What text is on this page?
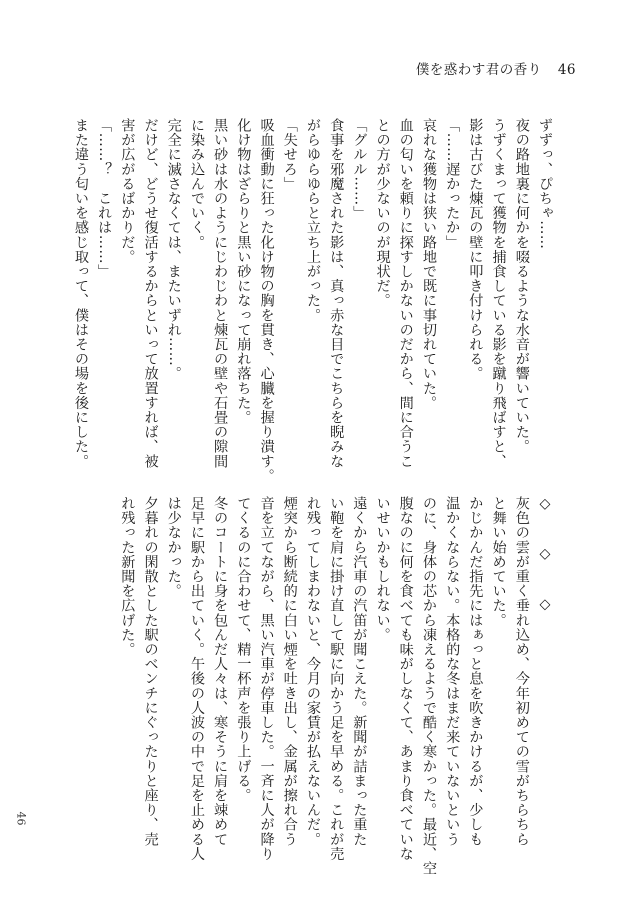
僕を惑わす君の香り 46
ずずっ、ぴちゃ……
夜の路地裏に何かを啜るような水音が響いていた。
うずくまって獲物を捕食している影を蹴り飛ばすと、
影は古びた煉瓦の壁に叩き付けられる。
「……遅かったか」
哀れな獲物は狭い路地で既に事切れていた。
血の匂いを頼りに探すしかないのだから、間に合うこ
との方が少ないのが現状だ。
「グルル……」
食事を邪魔された影は、真っ赤な目でこちらを睨みな
がらゆらゆらと立ち上がった。
「失せろ」
吸血衝動に狂った化け物の胸を貫き、心臓を握り潰す。
化け物はざらりと黒い砂になって崩れ落ちた。
黒い砂は水のようにじわじわと煉瓦の壁や石畳の隙間
に染み込んでいく。
完全に滅さなくては、またいずれ……。
だけど、どうせ復活するからといって放置すれば、被
害が広がるばかりだ。
「……？　これは……」
また違う匂いを感じ取って、僕はその場を後にした。
◇　◇　◇
灰色の雲が重く垂れ込め、今年初めての雪がちらちら
と舞い始めていた。
かじかんだ指先にはぁっと息を吹きかけるが、少しも
温かくならない。本格的な冬はまだ来ていないという
のに、身体の芯から凍えるようで酷く寒かった。最近、空
腹なのに何を食べても味がしなくて、あまり食べていな
いせいかもしれない。
遠くから汽車の汽笛が聞こえた。新聞が詰まった重た
い鞄を肩に掛け直して駅に向かう足を早める。これが売
れ残ってしまわないと、今月の家賃が払えないんだ。
煙突から断続的に白い煙を吐き出し、金属が擦れ合う
音を立てながら、黒い汽車が停車した。一斉に人が降り
てくるのに合わせて、精一杯声を張り上げる。
冬のコートに身を包んだ人々は、寒そうに肩を竦めて
足早に駅から出ていく。午後の人波の中で足を止める人
は少なかった。
夕暮れの閑散とした駅のベンチにぐったりと座り、売
れ残った新聞を広げた。
46
